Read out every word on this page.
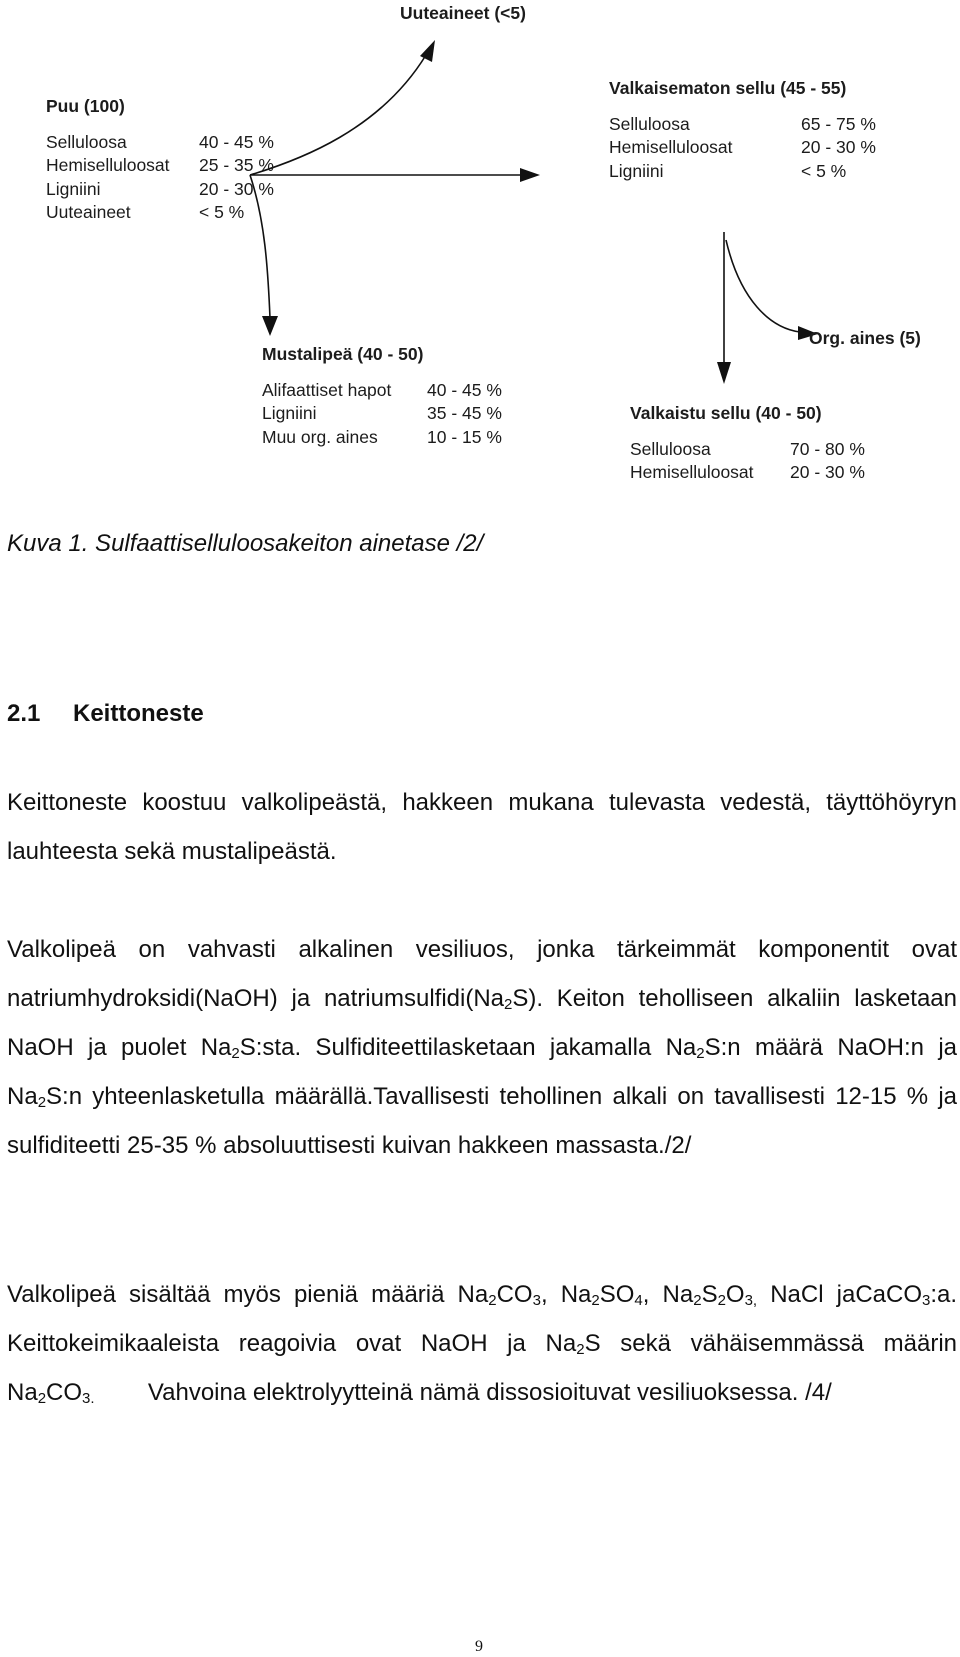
Uuteaineet (<5)
Puu (100)
Selluloosa	40 - 45 %
Hemiselluloosat 25 - 35 %
Ligniini	20 - 30 %
Uuteaineet	< 5 %
Valkaisematon sellu (45 - 55)
Selluloosa	65 - 75 %
Hemiselluloosat	20 - 30 %
Ligniini	< 5 %
Mustalipeä (40 - 50)
Alifaattiset hapot 40 - 45 %
Ligniini	35 - 45 %
Muu org. aines	10 - 15 %
Org. aines (5)
Valkaistu sellu (40 - 50)
Selluloosa	70 - 80 %
Hemiselluloosat 20 - 30 %
Kuva 1. Sulfaattiselluloosakeiton ainetase /2/
2.1 Keittoneste
Keittoneste koostuu valkolipeästä, hakkeen mukana tulevasta vedestä, täyttöhöyryn lauhteesta sekä mustalipeästä.
Valkolipeä on vahvasti alkalinen vesiliuos, jonka tärkeimmät komponentit ovat natriumhydroksidi(NaOH) ja $natriumsulfidi(Na_2S)$. Keiton teholliseen alkaliin lasketaan NaOH ja puolet $Na_2S:sta$. Sulfiditeettilasketaan jakamalla $Na_2S:n$ määrä NaOH:n ja $Na_2S:n$ yhteenlasketulla määrällä.Tavallisesti tehollinen alkali on tavallisesti 12-15 % ja sulfiditeetti 25-35 % absoluuttisesti kuivan hakkeen massasta./2/
Valkolipeä sisältää myös pieniä määriä $Na_2CO_3$, $Na_2SO_4$, $Na_2S_2O_{3,}$ NaCl jaCaCO$_3$:a. Keittokeimikaaleista reagoivia ovat NaOH ja $Na_2S$ sekä vähäisemmässä määrin $Na_2CO_{3.}$ Vahvoina elektrolyytteinä nämä dissosioituvat vesiliuoksessa. /4/
9
